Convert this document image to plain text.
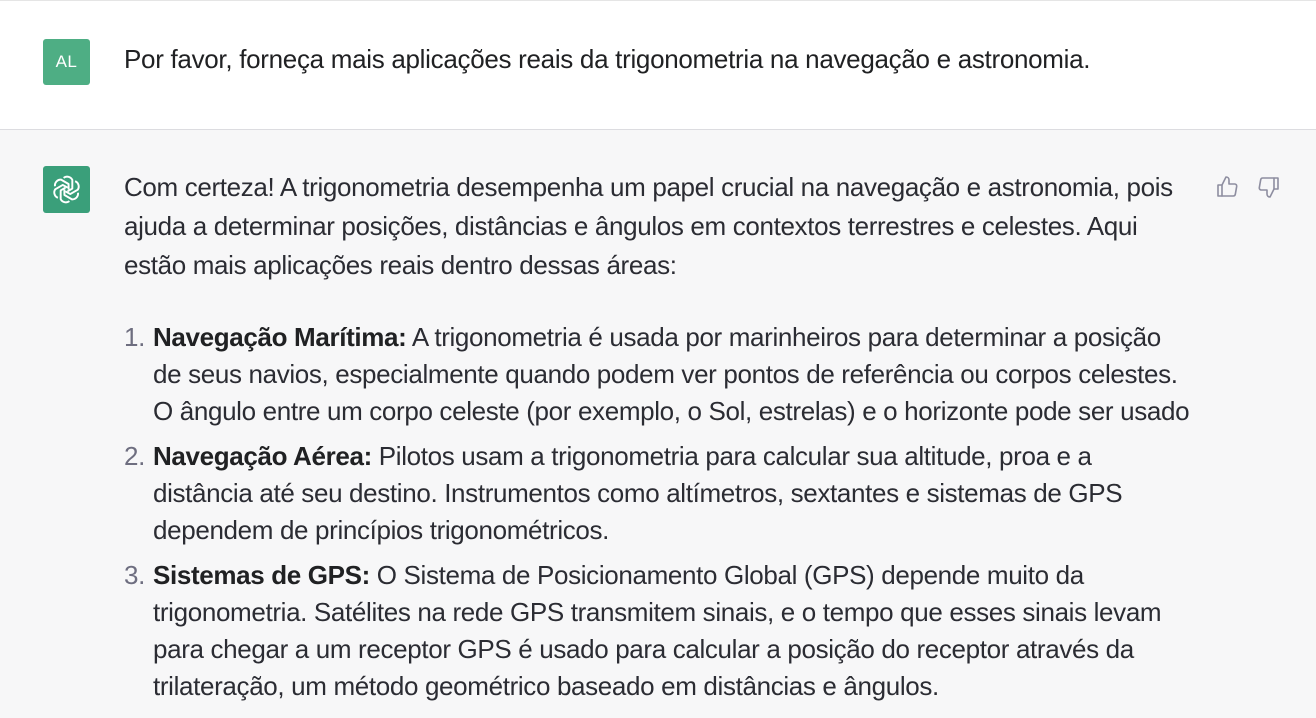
AL	Por favor, forneça mais aplicações reais da trigonometria na navegação e astronomia.

Com certeza! A trigonometria desempenha um papel crucial na navegação e astronomia, pois ajuda a determinar posições, distâncias e ângulos em contextos terrestres e celestes. Aqui estão mais aplicações reais dentro dessas áreas:

1. Navegação Marítima: A trigonometria é usada por marinheiros para determinar a posição de seus navios, especialmente quando podem ver pontos de referência ou corpos celestes. O ângulo entre um corpo celeste (por exemplo, o Sol, estrelas) e o horizonte pode ser usado
2. Navegação Aérea: Pilotos usam a trigonometria para calcular sua altitude, proa e a distância até seu destino. Instrumentos como altímetros, sextantes e sistemas de GPS dependem de princípios trigonométricos.
3. Sistemas de GPS: O Sistema de Posicionamento Global (GPS) depende muito da trigonometria. Satélites na rede GPS transmitem sinais, e o tempo que esses sinais levam para chegar a um receptor GPS é usado para calcular a posição do receptor através da trilateração, um método geométrico baseado em distâncias e ângulos.
